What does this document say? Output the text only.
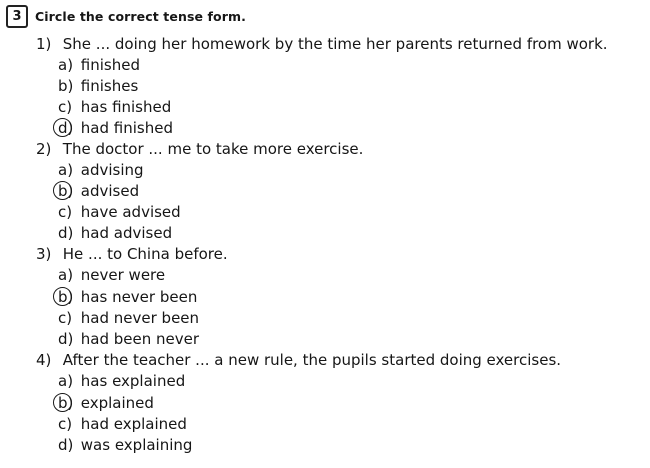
3	Circle the correct tense form.
1) She ... doing her homework by the time her parents returned from work.
a) finished
b) finishes
c) has finished
d) had finished
2) The doctor ... me to take more exercise.
a) advising
b) advised
c) have advised
d) had advised
3) He ... to China before.
a) never were
b) has never been
c) had never been
d) had been never
4) After the teacher ... a new rule, the pupils started doing exercises.
a) has explained
b) explained
c) had explained
d) was explaining
